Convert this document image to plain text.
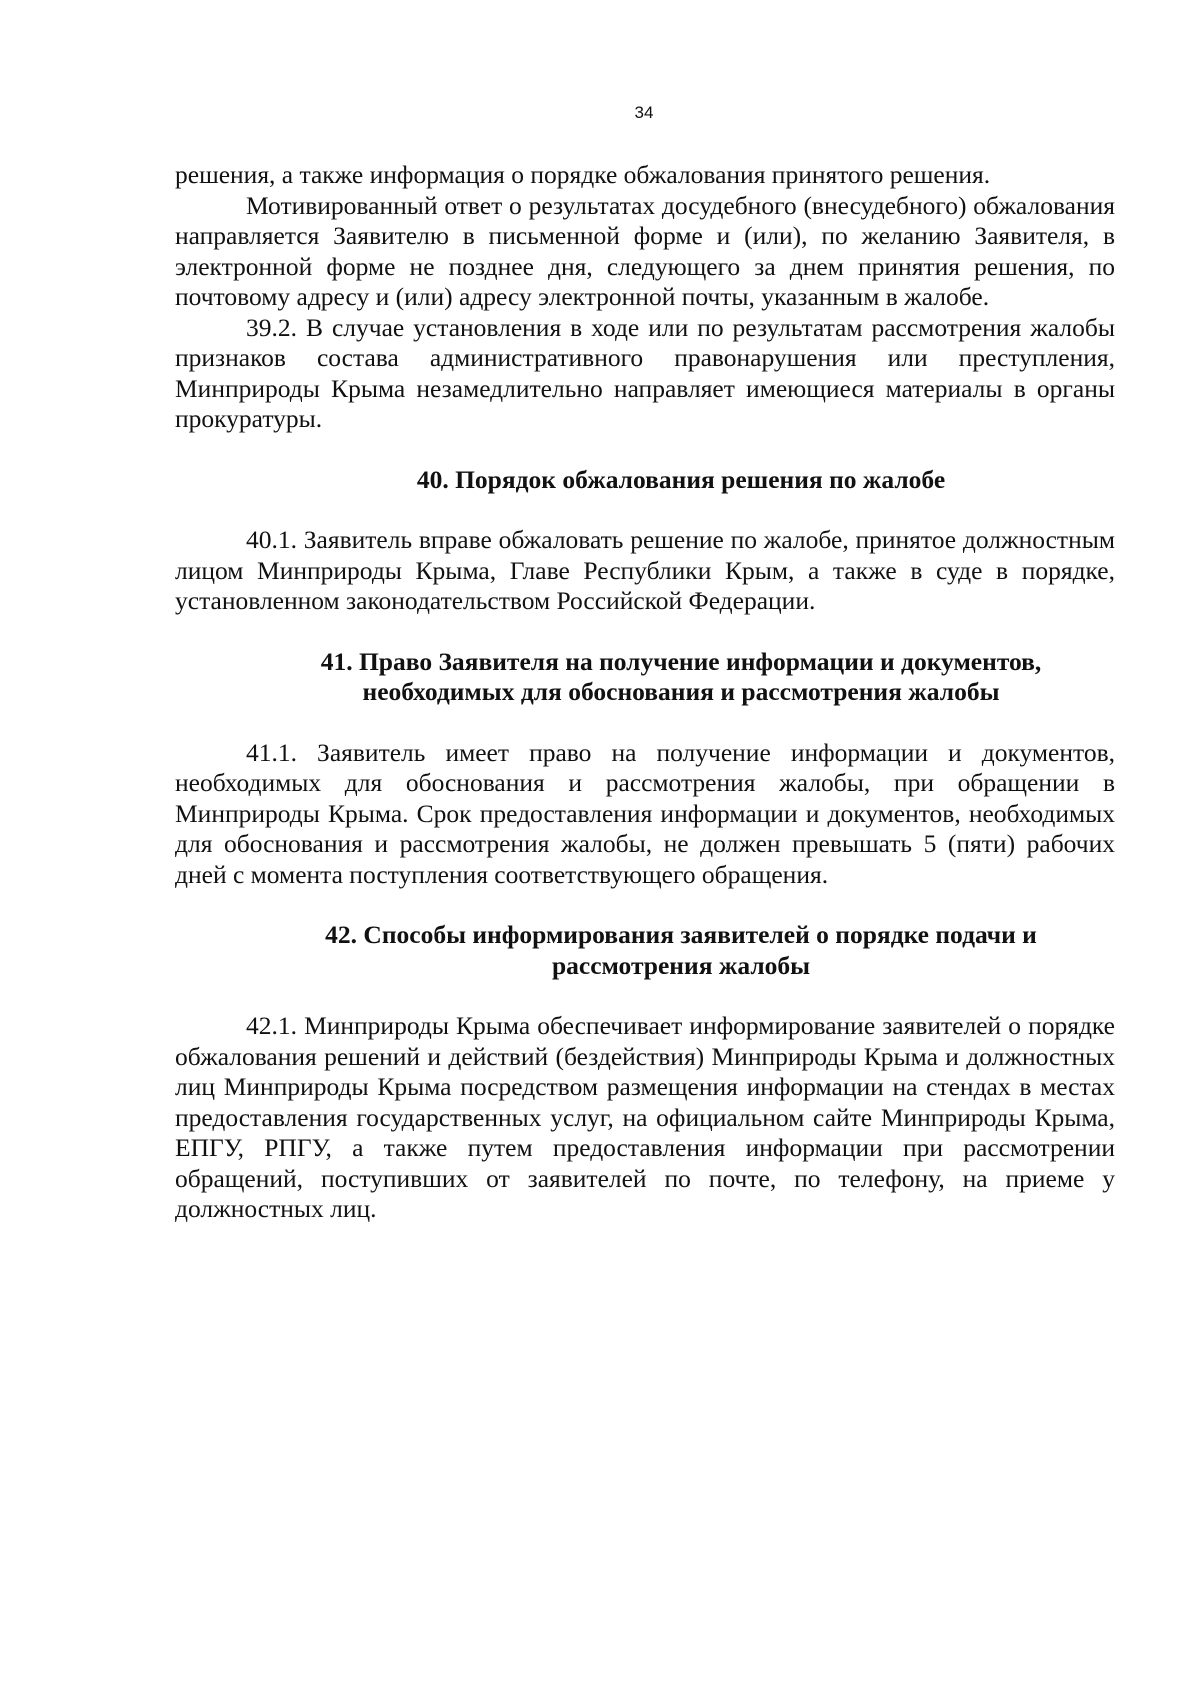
34

решения, а также информация о порядке обжалования принятого решения.

Мотивированный ответ о результатах досудебного (внесудебного) обжалования направляется Заявителю в письменной форме и (или), по желанию Заявителя, в электронной форме не позднее дня, следующего за днем принятия решения, по почтовому адресу и (или) адресу электронной почты, указанным в жалобе.

39.2. В случае установления в ходе или по результатам рассмотрения жалобы признаков состава административного правонарушения или преступления, Минприроды Крыма незамедлительно направляет имеющиеся материалы в органы прокуратуры.

40. Порядок обжалования решения по жалобе

40.1. Заявитель вправе обжаловать решение по жалобе, принятое должностным лицом Минприроды Крыма, Главе Республики Крым, а также в суде в порядке, установленном законодательством Российской Федерации.

41. Право Заявителя на получение информации и документов,
необходимых для обоснования и рассмотрения жалобы

41.1. Заявитель имеет право на получение информации и документов, необходимых для обоснования и рассмотрения жалобы, при обращении в Минприроды Крыма. Срок предоставления информации и документов, необходимых для обоснования и рассмотрения жалобы, не должен превышать 5 (пяти) рабочих дней с момента поступления соответствующего обращения.

42. Способы информирования заявителей о порядке подачи и
рассмотрения жалобы

42.1. Минприроды Крыма обеспечивает информирование заявителей о порядке обжалования решений и действий (бездействия) Минприроды Крыма и должностных лиц Минприроды Крыма посредством размещения информации на стендах в местах предоставления государственных услуг, на официальном сайте Минприроды Крыма, ЕПГУ, РПГУ, а также путем предоставления информации при рассмотрении обращений, поступивших от заявителей по почте, по телефону, на приеме у должностных лиц.
